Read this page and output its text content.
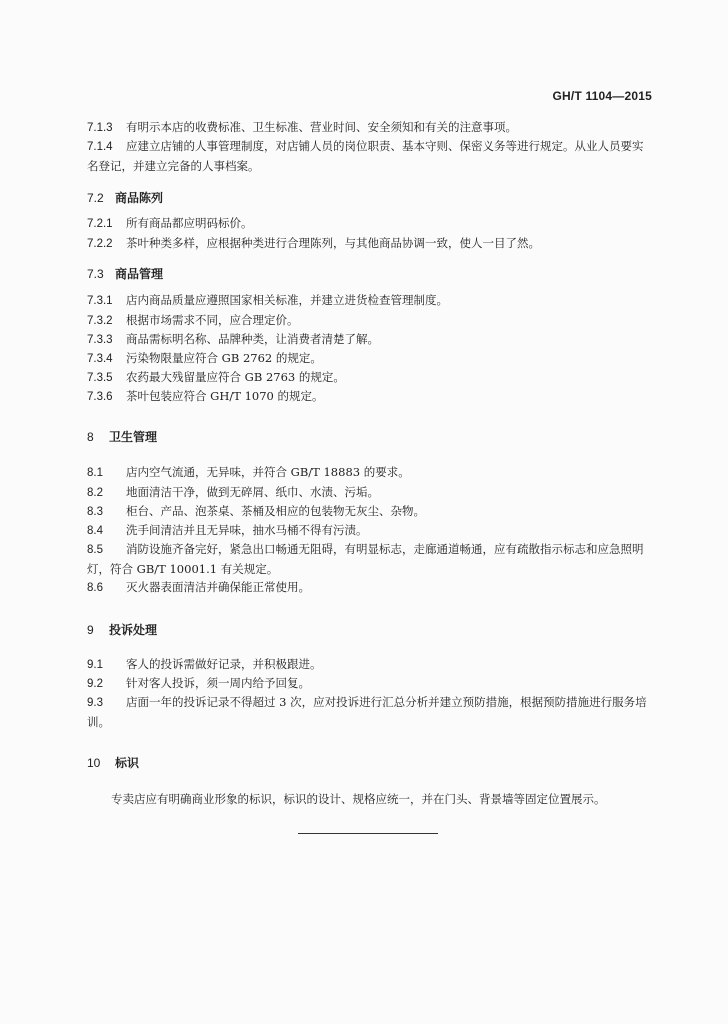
GH/T 1104—2015
7.1.3 有明示本店的收费标准、卫生标准、营业时间、安全须知和有关的注意事项。
7.1.4 应建立店铺的人事管理制度，对店铺人员的岗位职责、基本守则、保密义务等进行规定。从业人员要实名登记，并建立完备的人事档案。
7.2 商品陈列
7.2.1 所有商品都应明码标价。
7.2.2 茶叶种类多样，应根据种类进行合理陈列，与其他商品协调一致，使人一目了然。
7.3 商品管理
7.3.1 店内商品质量应遵照国家相关标准，并建立进货检查管理制度。
7.3.2 根据市场需求不同，应合理定价。
7.3.3 商品需标明名称、品牌种类，让消费者清楚了解。
7.3.4 污染物限量应符合 GB 2762 的规定。
7.3.5 农药最大残留量应符合 GB 2763 的规定。
7.3.6 茶叶包装应符合 GH/T 1070 的规定。
8 卫生管理
8.1 店内空气流通，无异味，并符合 GB/T 18883 的要求。
8.2 地面清洁干净，做到无碎屑、纸巾、水渍、污垢。
8.3 柜台、产品、泡茶桌、茶桶及相应的包装物无灰尘、杂物。
8.4 洗手间清洁并且无异味，抽水马桶不得有污渍。
8.5 消防设施齐备完好，紧急出口畅通无阻碍，有明显标志，走廊通道畅通，应有疏散指示标志和应急照明灯，符合 GB/T 10001.1 有关规定。
8.6 灭火器表面清洁并确保能正常使用。
9 投诉处理
9.1 客人的投诉需做好记录，并积极跟进。
9.2 针对客人投诉，须一周内给予回复。
9.3 店面一年的投诉记录不得超过 3 次，应对投诉进行汇总分析并建立预防措施，根据预防措施进行服务培训。
10 标识
专卖店应有明确商业形象的标识，标识的设计、规格应统一，并在门头、背景墙等固定位置展示。
